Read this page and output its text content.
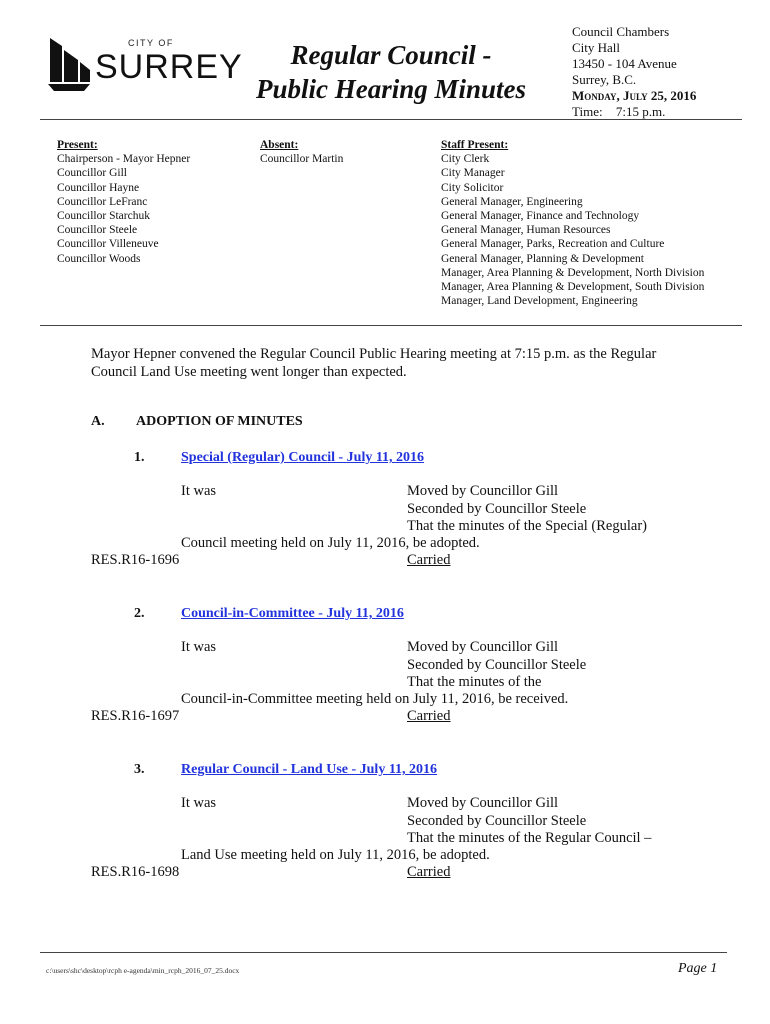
CITY OF
SURREY	Regular Council -
Public Hearing Minutes
Council Chambers
City Hall
13450 - 104 Avenue
Surrey, B.C.
Monday, July 25, 2016
Time: 7:15 p.m.
Present:
Chairperson - Mayor Hepner
Councillor Gill
Councillor Hayne
Councillor LeFranc
Councillor Starchuk
Councillor Steele
Councillor Villeneuve
Councillor Woods
Absent:
Councillor Martin
Staff Present:
City Clerk
City Manager
City Solicitor
General Manager, Engineering
General Manager, Finance and Technology
General Manager, Human Resources
General Manager, Parks, Recreation and Culture
General Manager, Planning & Development
Manager, Area Planning & Development, North Division
Manager, Area Planning & Development, South Division
Manager, Land Development, Engineering
Mayor Hepner convened the Regular Council Public Hearing meeting at 7:15 p.m. as the Regular
Council Land Use meeting went longer than expected.
A. ADOPTION OF MINUTES
1.	Special (Regular) Council - July 11, 2016
It was	Moved by Councillor Gill
Seconded by Councillor Steele
That the minutes of the Special (Regular)
Council meeting held on July 11, 2016, be adopted.
RES.R16-1696	Carried
2.	Council-in-Committee - July 11, 2016
It was	Moved by Councillor Gill
Seconded by Councillor Steele
That the minutes of the
Council-in-Committee meeting held on July 11, 2016, be received.
RES.R16-1697	Carried
3.	Regular Council - Land Use - July 11, 2016
It was	Moved by Councillor Gill
Seconded by Councillor Steele
That the minutes of the Regular Council –
Land Use meeting held on July 11, 2016, be adopted.
RES.R16-1698	Carried
c:\users\shc\desktop\rcph e-agenda\min_rcph_2016_07_25.docx	Page 1
